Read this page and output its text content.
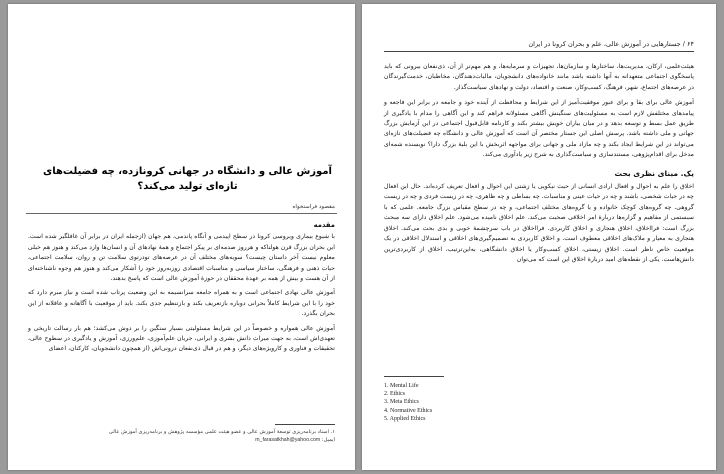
آموزش عالی و دانشگاه در جهانی کرونازده، چه فضیلت‌های تازه‌ای تولید می‌کند؟
مقصود فراستخواه
مقدمه

با شیوع بیماری ویروسی کرونا در سطح اپیدمی و آنگاه پاندمی، هم جهان (ازجمله ایران در برابر آن غافلگیر شده است. این بحران بزرگ قرن هولناکه و هرروز صدمه‌ای بر پیکر اجتماع و همهٔ نهادهای آن و انسان‌ها وارد می‌کند و هنوز هم خیلی معلوم نیست آخر داستان چیست؟ سویه‌های مختلف آن در عرصه‌های تودرتوی سلامت تن و روان، سلامت اجتماعی، حیات ذهنی و فرهنگی، ساختار سیاسی و مناسبات اقتصادی روزبه‌روز خود را آشکار می‌کند و هنوز هم وجوه ناشناخته‌ای از آن هست و بیش از همه بر عهدهٔ محققان در حوزهٔ آموزش عالی است که پاسخ بدهند.

آموزش عالی نهادی اجتماعی است و به همراه جامعه سرانسیمه به این وضعیت پرتاب شده است و نیاز مبرم دارد که خود را با این شرایط کاملاً بحرانی دوباره بازتعریف بکند و بازتنظیم جدی بکند. باید از موقعیت با آگاهانه و عاقلانه از این بحران بگذرد.

آموزش عالی همواره و خصوصاً در این شرایط مسئولیتی بسیار سنگین را بر دوش می‌کشد؛ هم بار رسالت تاریخی و تعهدی‌اش است، به جهت میراث دانش بشری و ایرانی، جریان علم‌آموزی، علم‌ورزی، آموزش و یادگیری در سطوح عالی، تحقیقات و فناوری و کارویژه‌های دیگر، و هم در قبال ذی‌نفعان درونی‌اش (از همچون دانشجویان، کارکنان، اعضای

۱. استاد برنامه‌ریزی توسعهٔ آموزش عالی و عضو هیئت علمی مؤسسه پژوهش و برنامه‌ریزی آموزش عالی
ایمیل: m_farasatkhah@yahoo.com
۶۴ / جستارهایی در آموزش عالی، علم و بحران کرونا در ایران

هیئت‌علمی، ارکان، مدیریت‌ها، ساختارها و سازمان‌ها، تجهیزات و سرمایه‌ها، و هم مهم‌تر از آن، ذی‌نفعان بیرونی که باید پاسخگوی اجتماعی متعهدانه به آنها داشته باشد مانند خانواده‌های دانشجویان، مالیات‌دهندگان، مخاطبان، خدمت‌گیرندگان در عرصه‌های اجتماع، شهر، فرهنگ، کسب‌وکار، صنعت و اقتصاد، دولت و نهادهای سیاست‌گذار.

آموزش عالی برای بقا و برای عبور موفقیت‌آمیز از این شرایط و محافظت از آینده خود و جامعه در برابر این فاجعه و پیامدهای مختلفش لازم است به مسئولیت‌های سنگینش آگاهی مسئولانه فراهم کند و این آگاهی را مدام با یادگیری از طریق عمل بسط و توسعه بدهد و در میان بیاران خویش بیشتر بکند و کارنامه قابل‌قبول اجتماعی در این آزمایش بزرگ جهانی و ملی داشته باشد. پرسش اصلی این جستار مختصر آن است که آموزش عالی و دانشگاه چه فضیلت‌های تازه‌ای می‌تواند در این شرایط ایجاد بکند و چه مازاد ملی و جهانی برای مواجهه اثربخش با این بلیهٔ بزرگ دارا؟ نویسنده شمه‌ای مدخل برای اقدام‌پژوهی، مستندسازی و سیاست‌گذاری به شرح زیر یادآوری می‌کند.

یک. مبنای نظری بحث

اخلاق را علم به احوال و افعال ارادی انسانی از حیث نیکویی یا زشتی این احوال و افعال تعریف کرده‌اند. حال این افعال چه در حیات شخصی، باشند و چه در حیات عینی و مناسبات. چه بساطی و چه ظاهری، چه در زیست فردی و چه در زیست گروهی. چه گروه‌های کوچک خانواده و یا گروه‌های مختلف اجتماعی، و چه در سطح مقیاس بزرگ جامعه. علمی که با سیستمی از مفاهیم و گزاره‌ها دربارهٔ امر اخلاقی صحبت می‌کند. علم اخلاق نامیده می‌شود. علم اخلاق دارای سه مبحث بزرگ است: فرااخلاق، اخلاق هنجاری و اخلاق کاربردی. فرااخلاق در باب سرچشمهٔ خوبی و بدی بحث می‌کند. اخلاق هنجاری به معیار و ملاک‌های اخلاقی معطوف است. و اخلاق کاربردی به تصمیم‌گیری‌های اخلاقی و استدلال اخلاقی در یک موقعیت خاص ناظر است. اخلاق زیستی، اخلاق کسب‌وکار یا اخلاق دانشگاهی، به‌این‌ترتیب، اخلاق از کاربردی‌ترین دانش‌هاست. یکی از نقطه‌های امید دربارهٔ اخلاق این است که می‌توان

1. Mental Life
2. Ethics
3. Meta Ethics
4. Normative Ethics
5. Applied Ethics
